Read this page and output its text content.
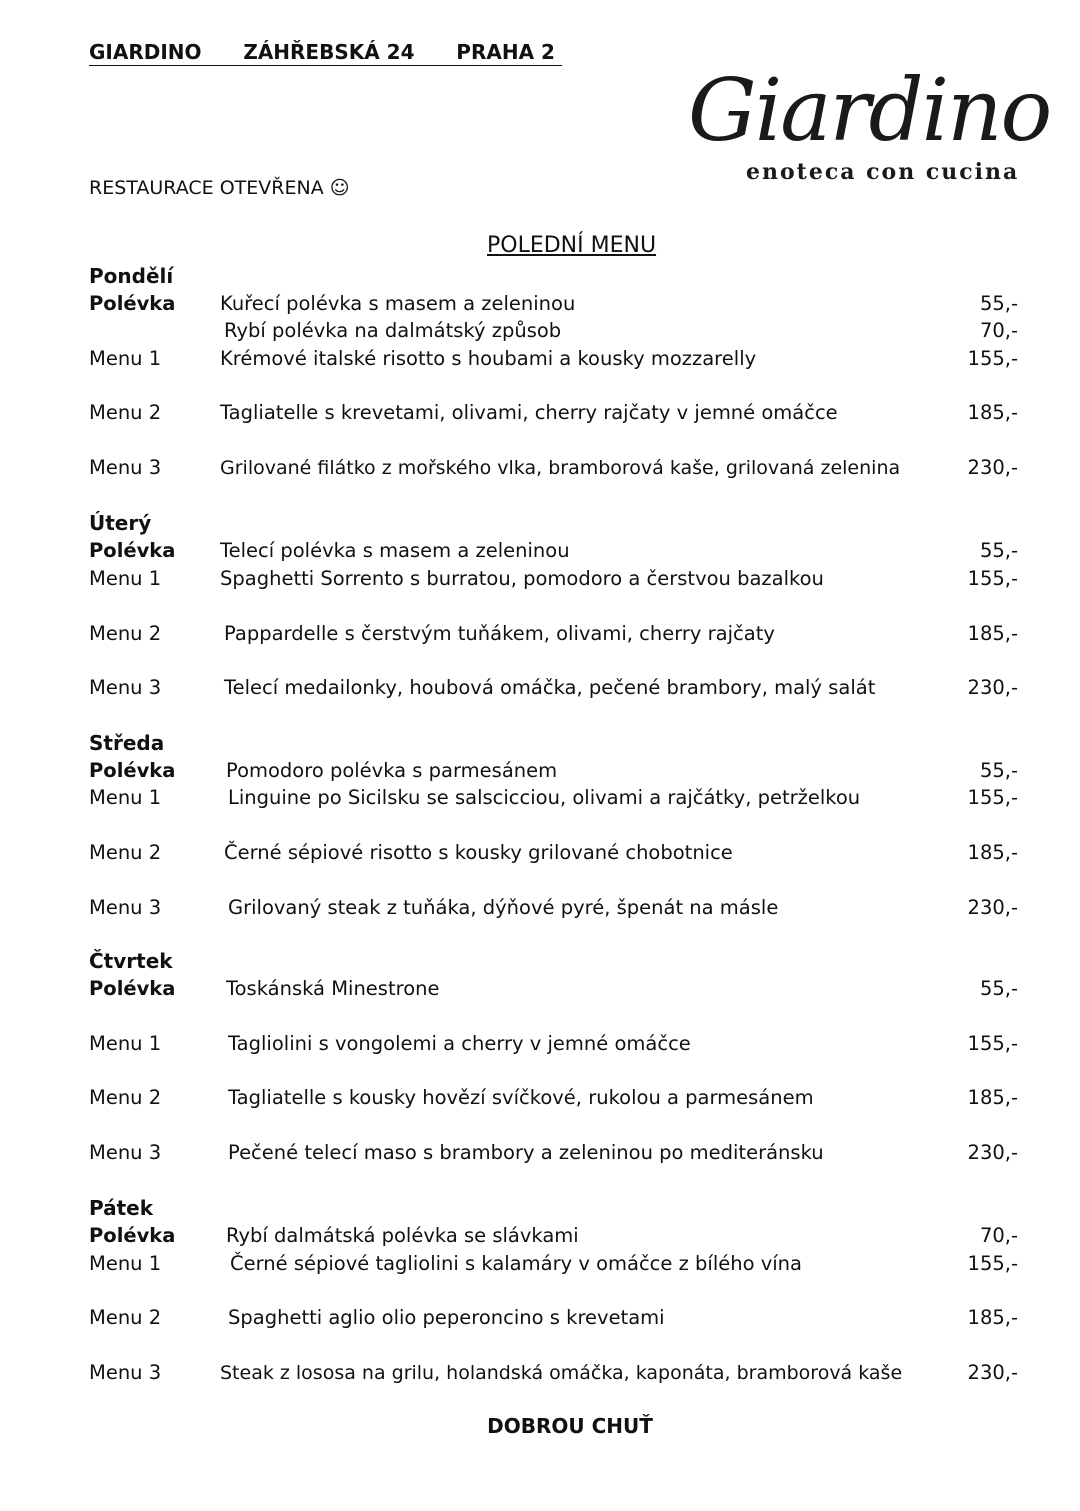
GIARDINO ZÁHŘEBSKÁ 24 PRAHA 2
Giardino
enoteca con cucina
RESTAURACE OTEVŘENA ☺
POLEDNÍ MENU
Pondělí
Polévka Kuřecí polévka s masem a zeleninou	55,-
Rybí polévka na dalmátský způsob	70,-
Menu 1	Krémové italské risotto s houbami a kousky mozzarelly	155,-
Menu 2	Tagliatelle s krevetami, olivami, cherry rajčaty v jemné omáčce	185,-
Menu 3	Grilované filátko z mořského vlka, bramborová kaše, grilovaná zelenina	230,-
Úterý
Polévka Telecí polévka s masem a zeleninou	55,-
Menu 1	Spaghetti Sorrento s burratou, pomodoro a čerstvou bazalkou	155,-
Menu 2	Pappardelle s čerstvým tuňákem, olivami, cherry rajčaty	185,-
Menu 3	Telecí medailonky, houbová omáčka, pečené brambory, malý salát	230,-
Středa
Polévka	Pomodoro polévka s parmesánem	55,-
Menu 1	Linguine po Sicilsku se salscicciou, olivami a rajčátky, petrželkou	155,-
Menu 2	Černé sépiové risotto s kousky grilované chobotnice	185,-
Menu 3	Grilovaný steak z tuňáka, dýňové pyré, špenát na másle	230,-
Čtvrtek
Polévka	Toskánská Minestrone	55,-
Menu 1	Tagliolini s vongolemi a cherry v jemné omáčce	155,-
Menu 2	Tagliatelle s kousky hovězí svíčkové, rukolou a parmesánem	185,-
Menu 3	Pečené telecí maso s brambory a zeleninou po mediteránsku	230,-
Pátek
Polévka	Rybí dalmátská polévka se slávkami	70,-
Menu 1	Černé sépiové tagliolini s kalamáry v omáčce z bílého vína	155,-
Menu 2	Spaghetti aglio olio peperoncino s krevetami	185,-
Menu 3	Steak z lososa na grilu, holandská omáčka, kaponáta, bramborová kaše	230,-
DOBROU CHUŤ
